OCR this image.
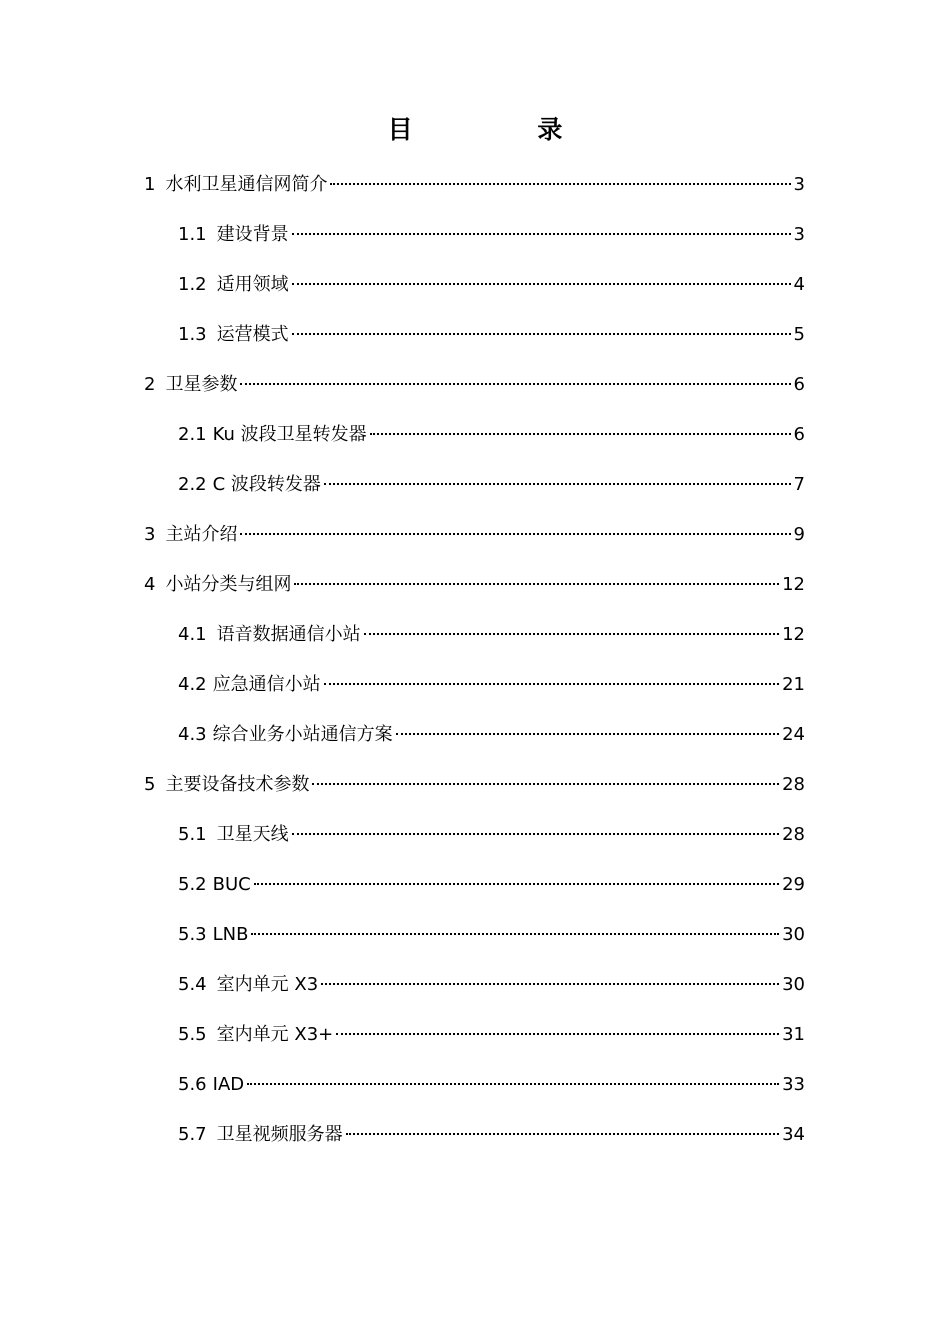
目 录
1 水利卫星通信网简介	3
1.1 建设背景	3
1.2 适用领域	4
1.3 运营模式	5
2 卫星参数	6
2.1 Ku 波段卫星转发器	6
2.2 C 波段转发器	7
3 主站介绍	9
4 小站分类与组网	12
4.1 语音数据通信小站	12
4.2 应急通信小站	21
4.3 综合业务小站通信方案	24
5 主要设备技术参数	28
5.1 卫星天线	28
5.2 BUC	29
5.3 LNB	30
5.4 室内单元 X3	30
5.5 室内单元 X3+	31
5.6 IAD	33
5.7 卫星视频服务器	34
